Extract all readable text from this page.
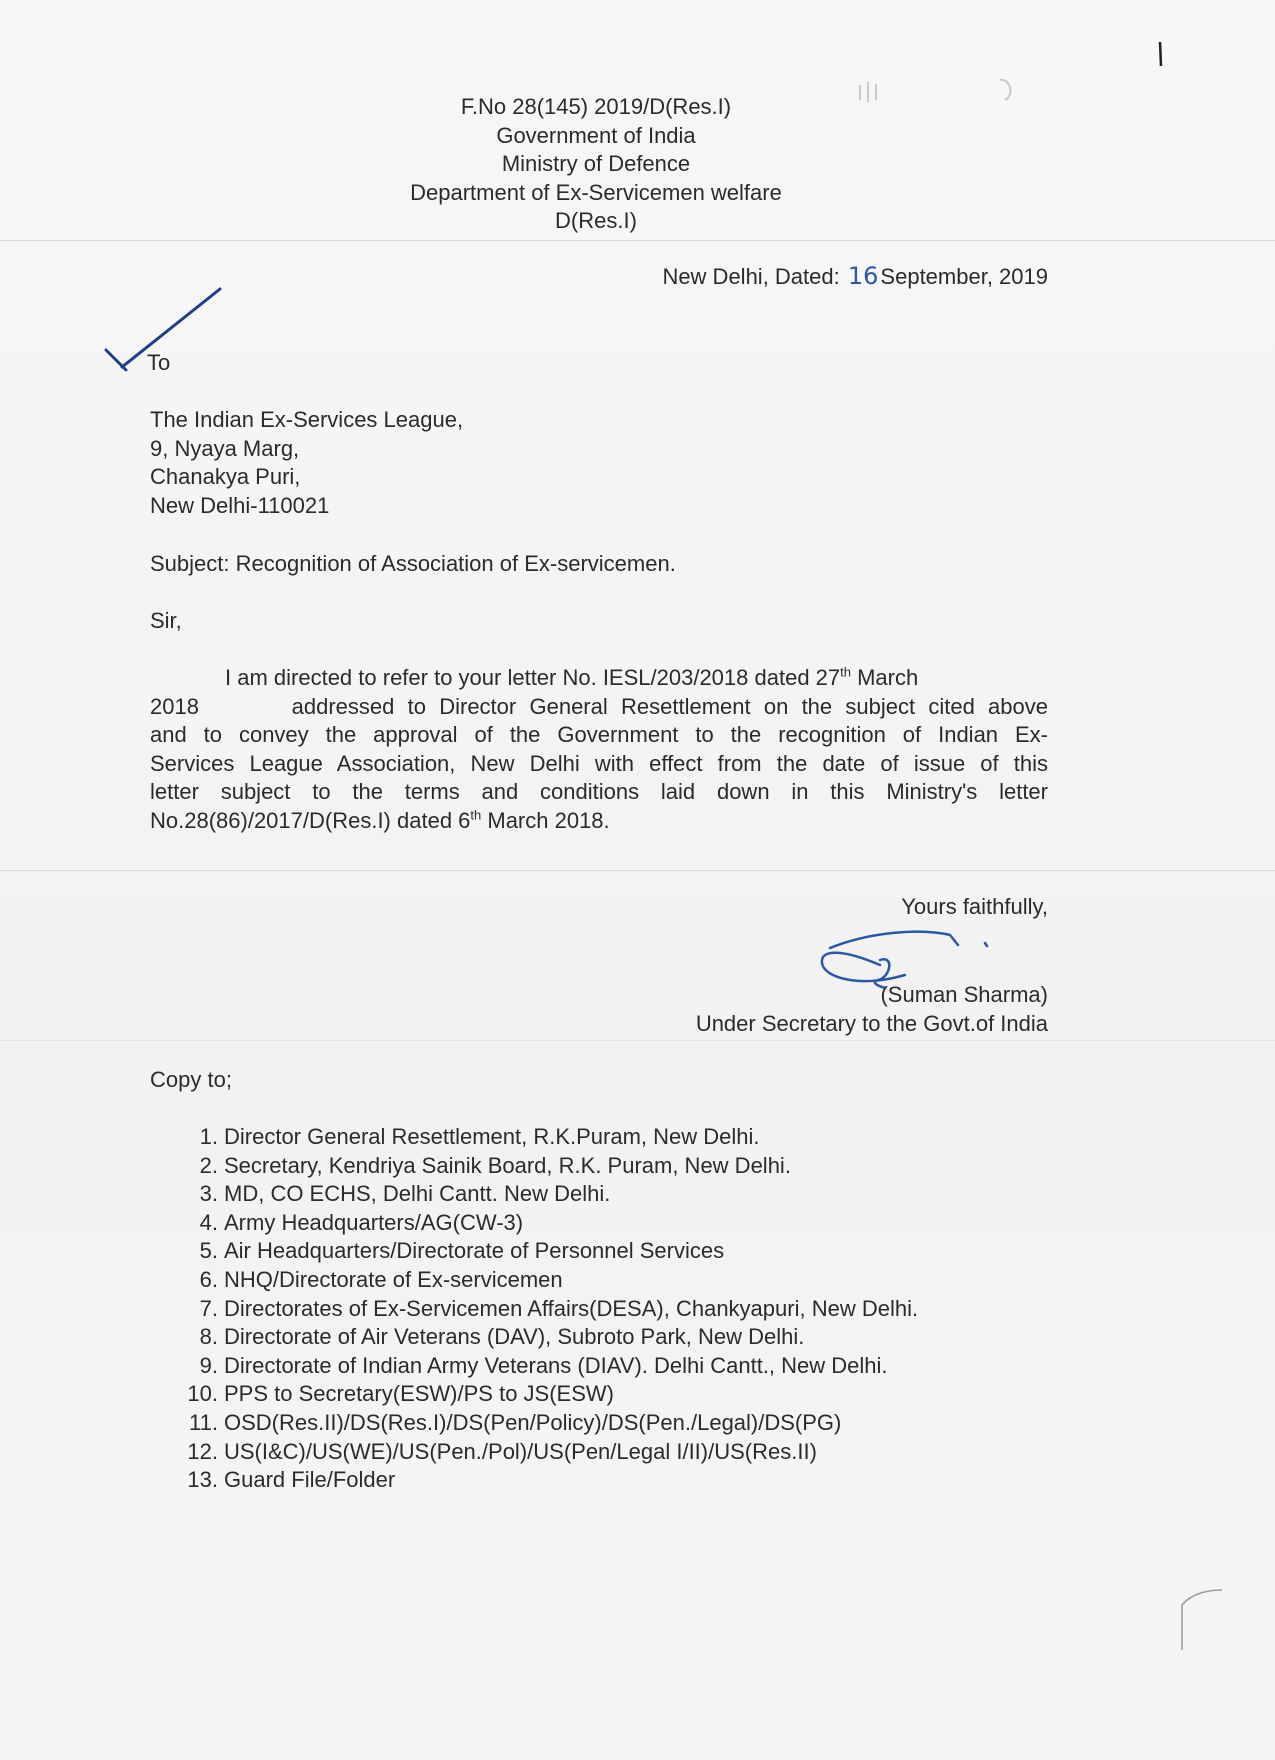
F.No 28(145) 2019/D(Res.I)
Government of India
Ministry of Defence
Department of Ex-Servicemen welfare
D(Res.I)
New Delhi, Dated: 16September, 2019
To
The Indian Ex-Services League,
9, Nyaya Marg,
Chanakya Puri,
New Delhi-110021
Subject: Recognition of Association of Ex-servicemen.
Sir,
I am directed to refer to your letter No. IESL/203/2018 dated 27th March
2018       addressed to Director General Resettlement on the subject cited above
and to convey the approval of the Government to the recognition of Indian Ex-
Services League Association, New Delhi with effect from the date of issue of this
letter subject to the terms and conditions laid down in this Ministry's letter
No.28(86)/2017/D(Res.I) dated 6th March 2018.
Yours faithfully,
(Suman Sharma)
Under Secretary to the Govt.of India
Copy to;
1. Director General Resettlement, R.K.Puram, New Delhi.
2. Secretary, Kendriya Sainik Board, R.K. Puram, New Delhi.
3. MD, CO ECHS, Delhi Cantt. New Delhi.
4. Army Headquarters/AG(CW-3)
5. Air Headquarters/Directorate of Personnel Services
6. NHQ/Directorate of Ex-servicemen
7. Directorates of Ex-Servicemen Affairs(DESA), Chankyapuri, New Delhi.
8. Directorate of Air Veterans (DAV), Subroto Park, New Delhi.
9. Directorate of Indian Army Veterans (DIAV). Delhi Cantt., New Delhi.
10. PPS to Secretary(ESW)/PS to JS(ESW)
11. OSD(Res.II)/DS(Res.I)/DS(Pen/Policy)/DS(Pen./Legal)/DS(PG)
12. US(I&C)/US(WE)/US(Pen./Pol)/US(Pen/Legal I/II)/US(Res.II)
13. Guard File/Folder
